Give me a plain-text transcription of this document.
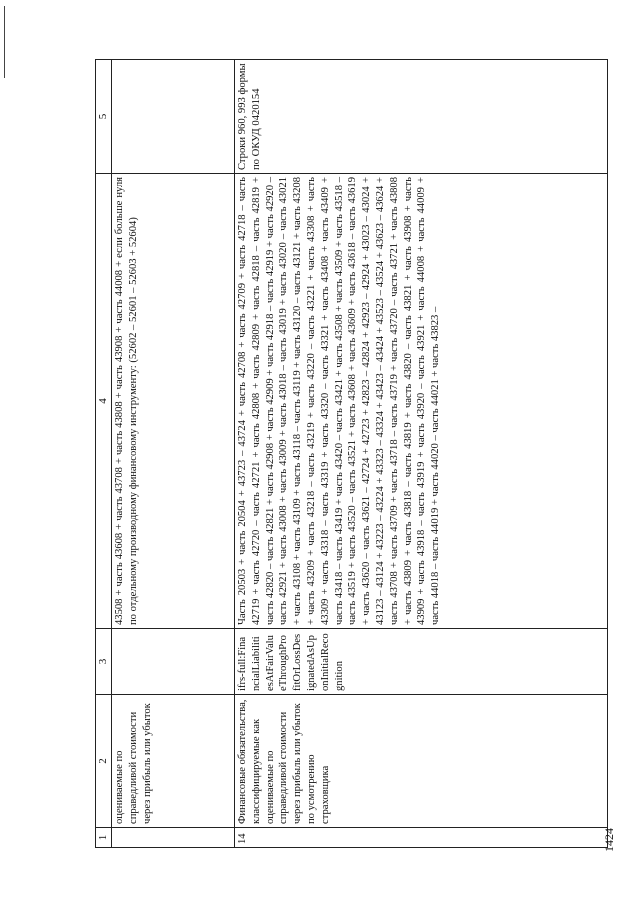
1	2	3	4	5
	оцениваемые по справедливой стоимости через прибыль или убыток		43508 + часть 43608 + часть 43708 + часть 43808 + часть 43908 + часть 44008 + если больше нуля по отдельному производному финансовому инструменту: (52602 – 52601 – 52603 + 52604)	
14	Финансовые обязательства, классифицируемые как оцениваемые по справедливой стоимости через прибыль или убыток по усмотрению страховщика	ifrs-full:FinancialLiabilitiesAtFairValueThroughProfitOrLossDesignatedAsUponInitialRecognition	Часть 20503 + часть 20504 + 43723 – 43724 + часть 42708 + часть 42709 + часть 42718 – часть 42719 + часть 42720 – часть 42721 + часть 42808 + часть 42809 + часть 42818 – часть 42819 + часть 42820 – часть 42821 + часть 42908 + часть 42909 + часть 42918 – часть 42919 + часть 42920 – часть 42921 + часть 43008 + часть 43009 + часть 43018 – часть 43019 + часть 43020 – часть 43021 + часть 43108 + часть 43109 + часть 43118 – часть 43119 + часть 43120 – часть 43121 + часть 43208 + часть 43209 + часть 43218 – часть 43219 + часть 43220 – часть 43221 + часть 43308 + часть 43309 + часть 43318 – часть 43319 + часть 43320 – часть 43321 + часть 43408 + часть 43409 + часть 43418 – часть 43419 + часть 43420 – часть 43421 + часть 43508 + часть 43509 + часть 43518 – часть 43519 + часть 43520 – часть 43521 + часть 43608 + часть 43609 + часть 43618 – часть 43619 + часть 43620 – часть 43621 – 42724 + 42723 + 42823 – 42824 + 42923 – 42924 + 43023 – 43024 + 43123 – 43124 + 43223 – 43224 + 43323 – 43324 + 43423 – 43424 + 43523 – 43524 + 43623 – 43624 + часть 43708 + часть 43709 + часть 43718 – часть 43719 + часть 43720 – часть 43721 + часть 43808 + часть 43809 + часть 43818 – часть 43819 + часть 43820 – часть 43821 + часть 43908 + часть 43909 + часть 43918 – часть 43919 + часть 43920 – часть 43921 + часть 44008 + часть 44009 + часть 44018 – часть 44019 + часть 44020 – часть 44021 + часть 43823 –	Строки 960, 993 формы по ОКУД 0420154
1424
